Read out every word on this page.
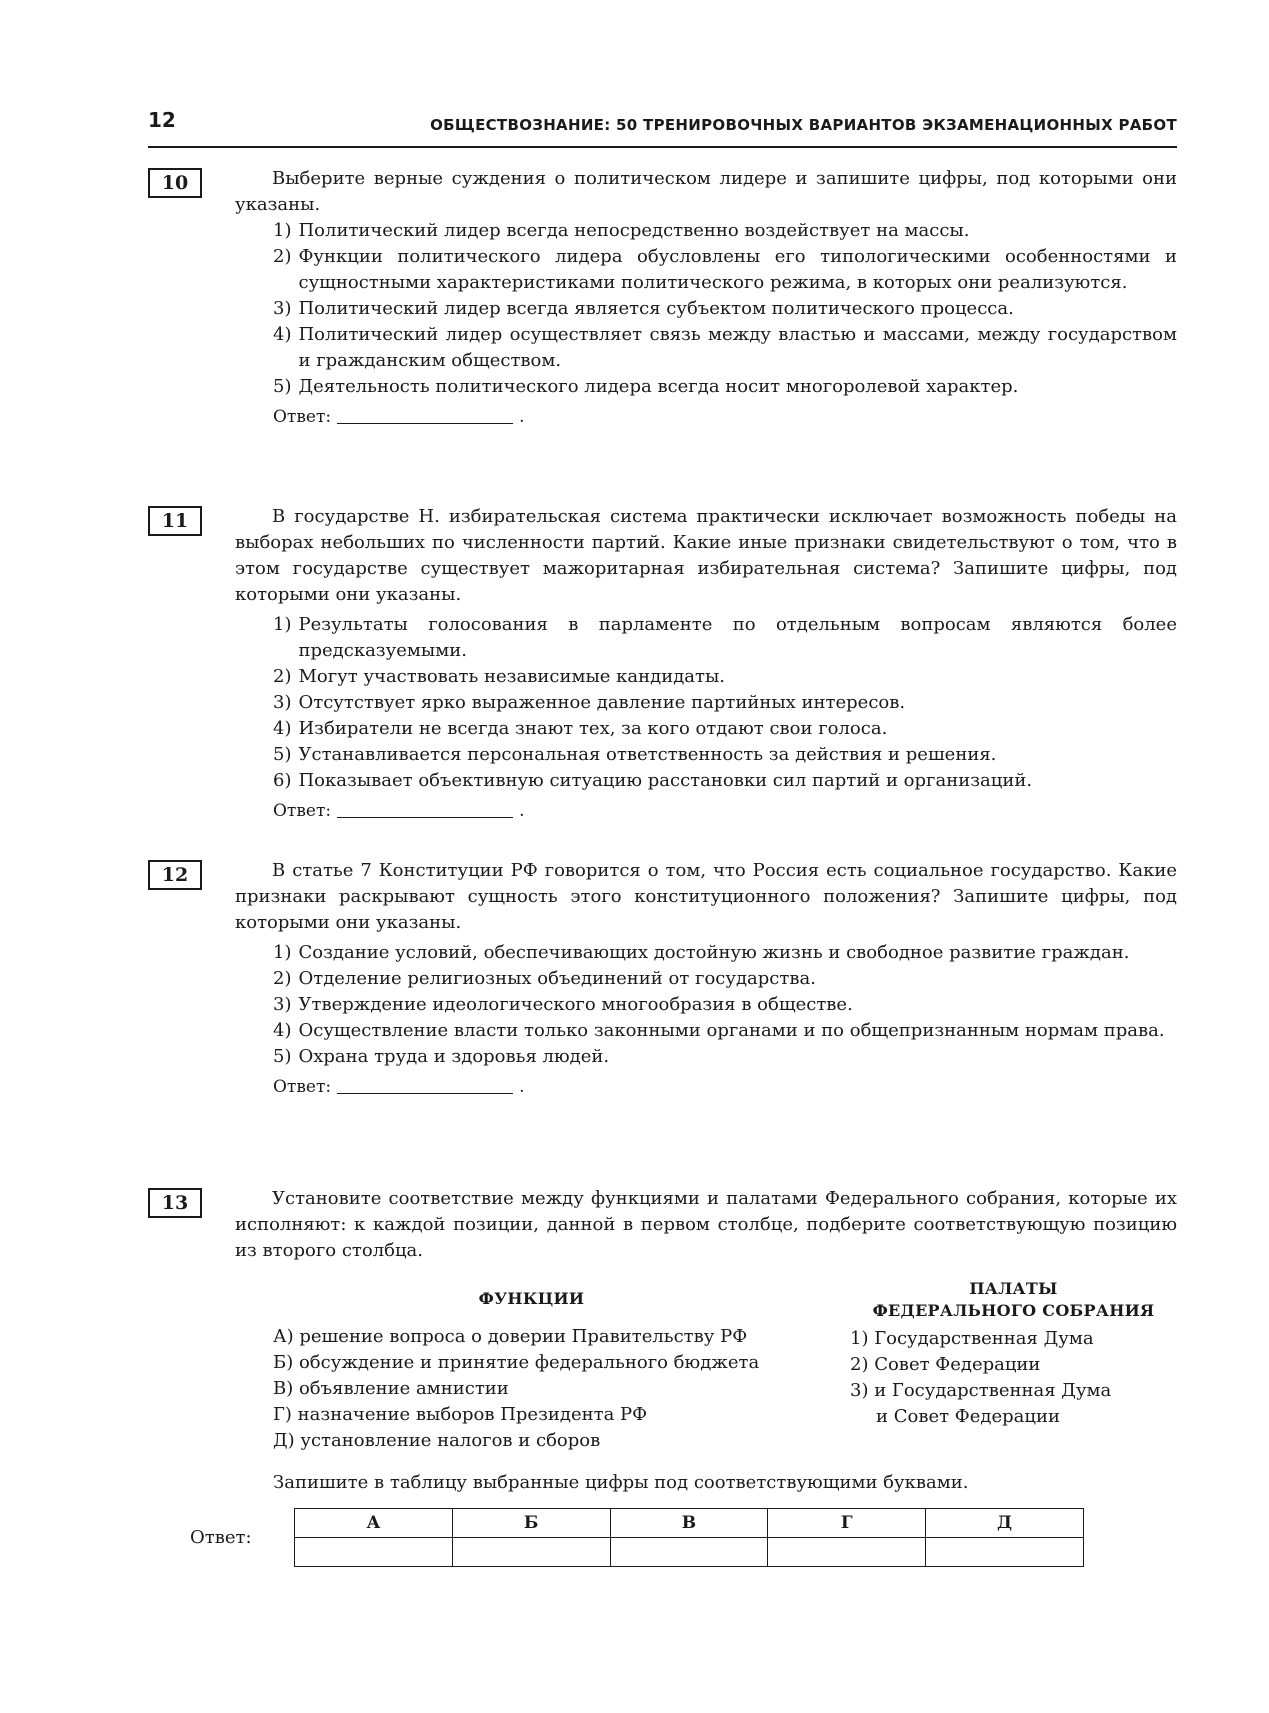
12	ОБЩЕСТВОЗНАНИЕ: 50 ТРЕНИРОВОЧНЫХ ВАРИАНТОВ ЭКЗАМЕНАЦИОННЫХ РАБОТ
10	Выберите верные суждения о политическом лидере и запишите цифры, под которыми они указаны.
1) Политический лидер всегда непосредственно воздействует на массы.
2) Функции политического лидера обусловлены его типологическими особенностями и сущностными характеристиками политического режима, в которых они реализуются.
3) Политический лидер всегда является субъектом политического процесса.
4) Политический лидер осуществляет связь между властью и массами, между государством и гражданским обществом.
5) Деятельность политического лидера всегда носит многоролевой характер.
Ответ:	.
11	В государстве Н. избирательская система практически исключает возможность победы на выборах небольших по численности партий. Какие иные признаки свидетельствуют о том, что в этом государстве существует мажоритарная избирательная система? Запишите цифры, под которыми они указаны.
1) Результаты голосования в парламенте по отдельным вопросам являются более предсказуемыми.
2) Могут участвовать независимые кандидаты.
3) Отсутствует ярко выраженное давление партийных интересов.
4) Избиратели не всегда знают тех, за кого отдают свои голоса.
5) Устанавливается персональная ответственность за действия и решения.
6) Показывает объективную ситуацию расстановки сил партий и организаций.
Ответ:	.
12	В статье 7 Конституции РФ говорится о том, что Россия есть социальное государство. Какие признаки раскрывают сущность этого конституционного положения? Запишите цифры, под которыми они указаны.
1) Создание условий, обеспечивающих достойную жизнь и свободное развитие граждан.
2) Отделение религиозных объединений от государства.
3) Утверждение идеологического многообразия в обществе.
4) Осуществление власти только законными органами и по общепризнанным нормам права.
5) Охрана труда и здоровья людей.
Ответ:	.
13	Установите соответствие между функциями и палатами Федерального собрания, которые их исполняют: к каждой позиции, данной в первом столбце, подберите соответствующую позицию из второго столбца.
ФУНКЦИИ
А) решение вопроса о доверии Правительству РФ
Б) обсуждение и принятие федерального бюджета
В) объявление амнистии
Г) назначение выборов Президента РФ
Д) установление налогов и сборов
ПАЛАТЫ
ФЕДЕРАЛЬНОГО СОБРАНИЯ
1) Государственная Дума
2) Совет Федерации
3) и Государственная Дума
и Совет Федерации
Запишите в таблицу выбранные цифры под соответствующими буквами.
Ответ:
А	Б	В	Г	Д
